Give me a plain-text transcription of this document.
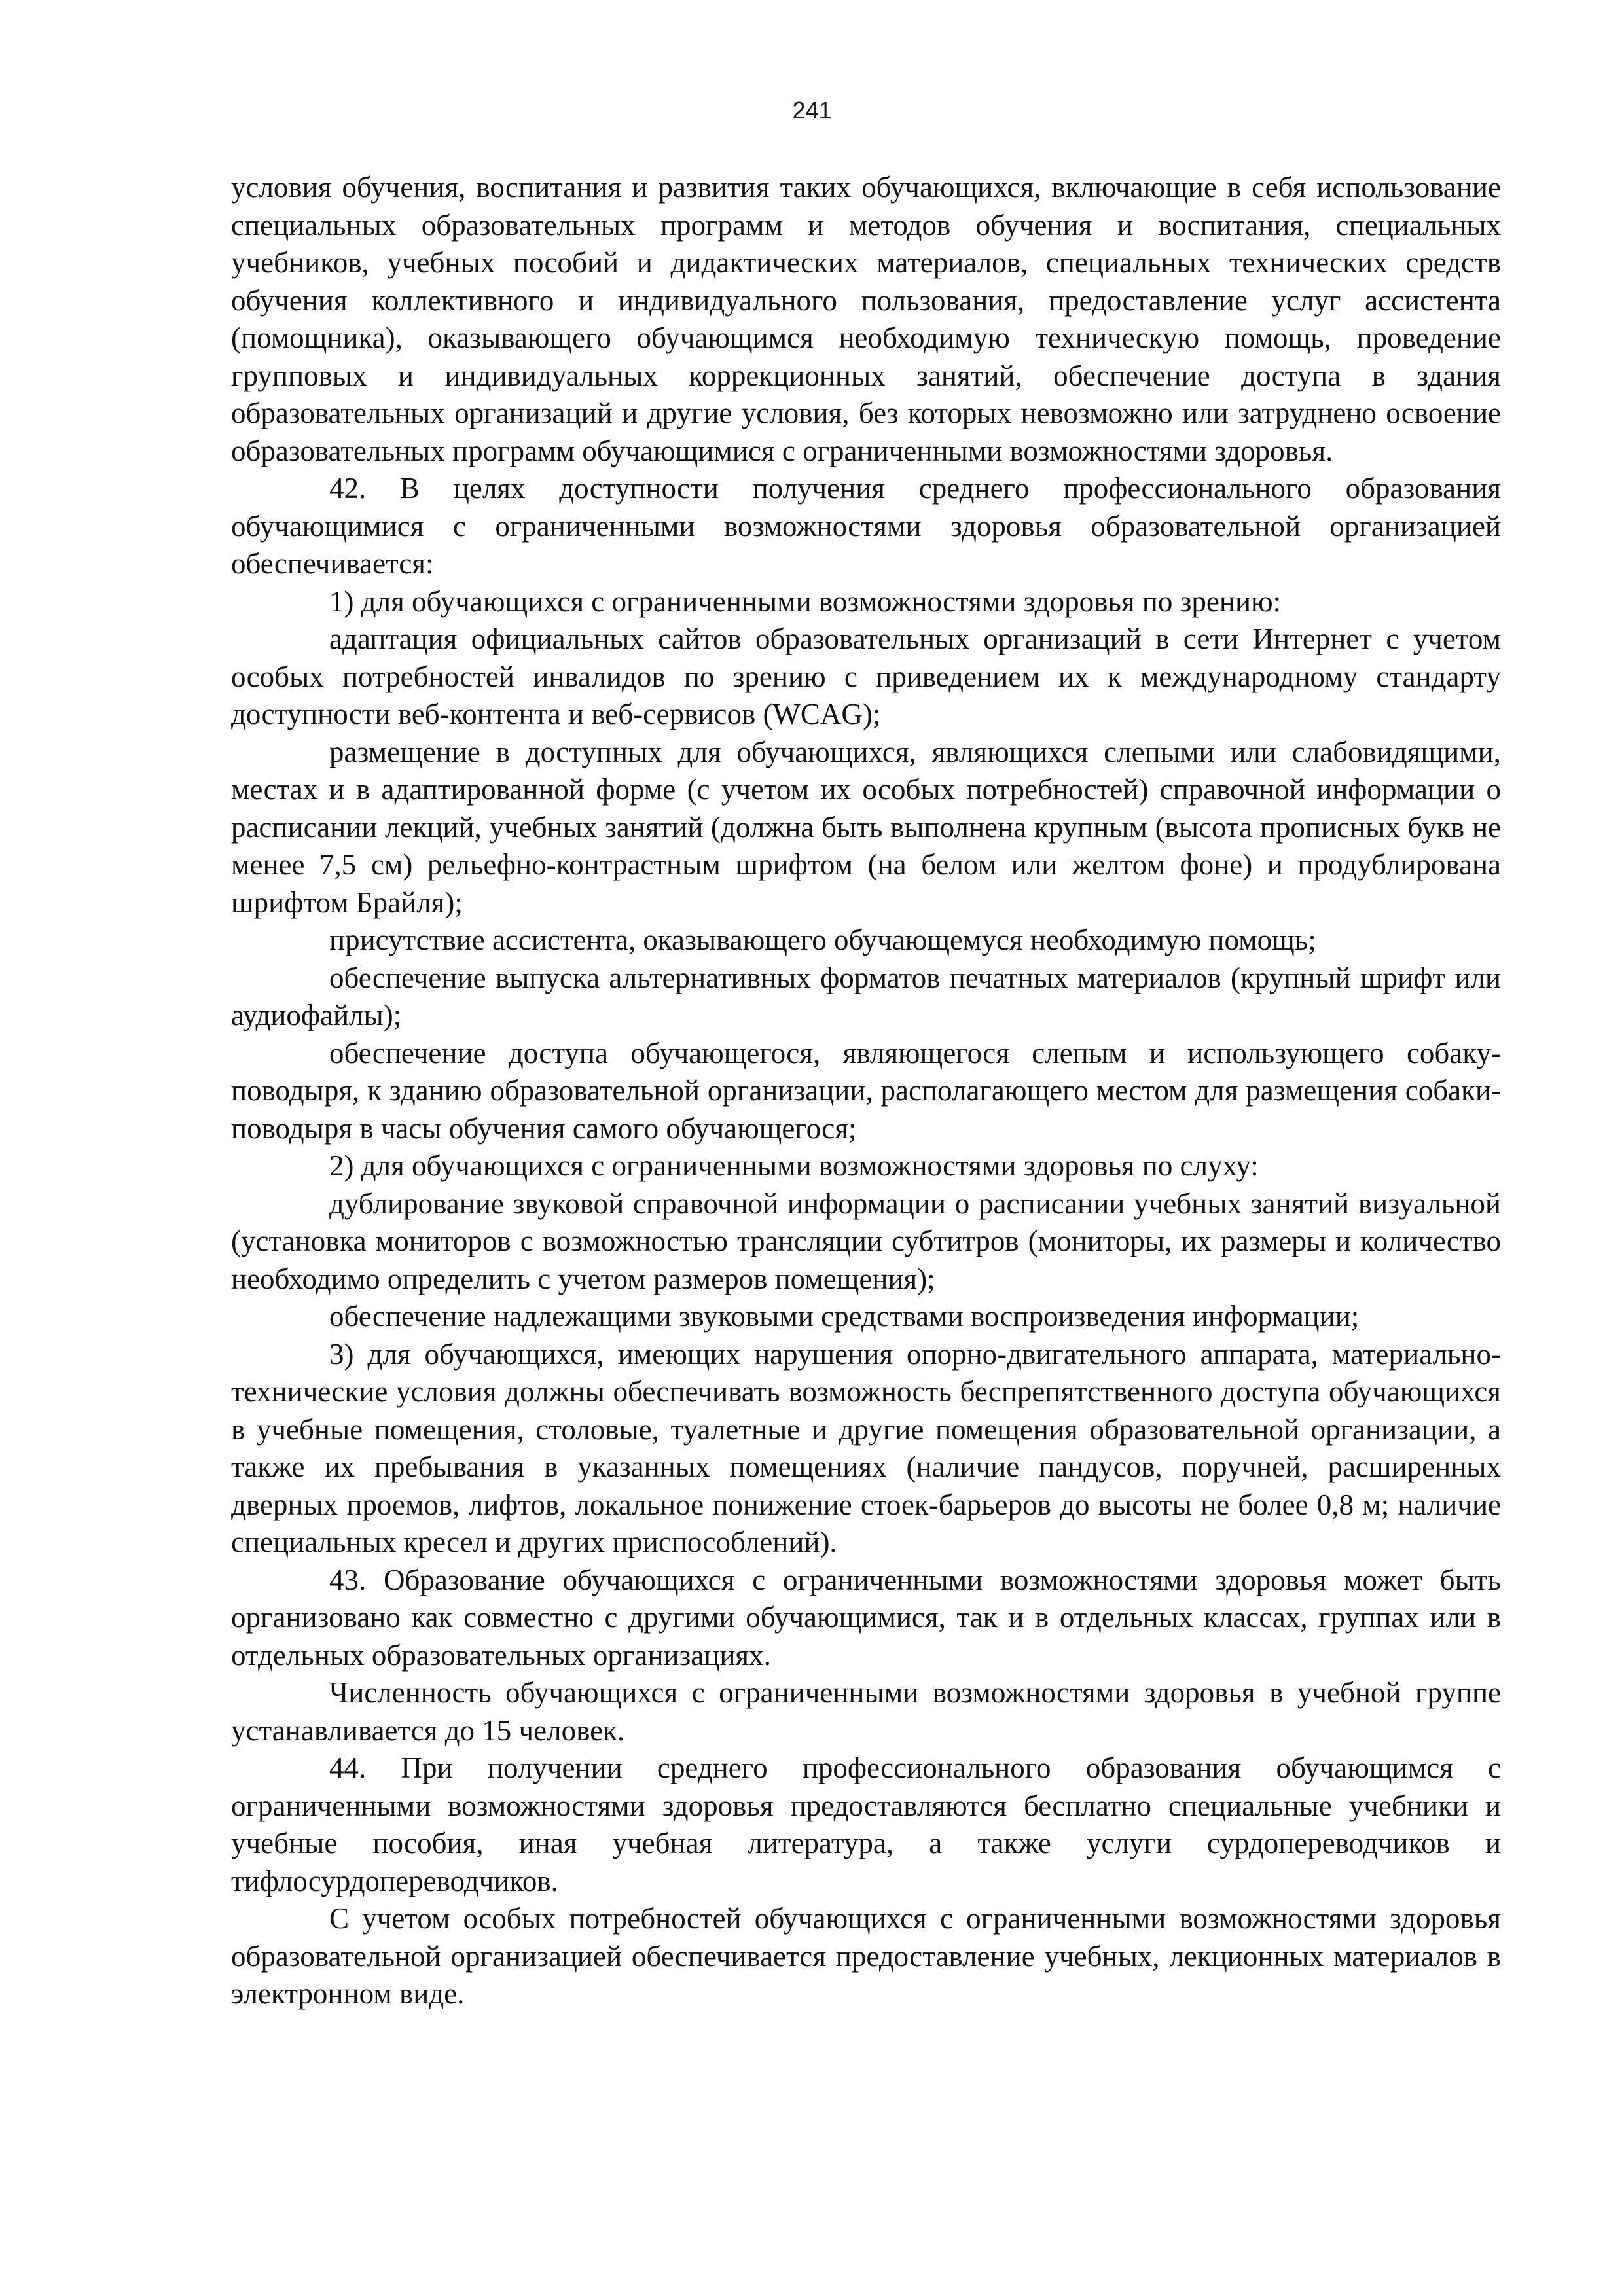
241

условия обучения, воспитания и развития таких обучающихся, включающие в себя использование специальных образовательных программ и методов обучения и воспитания, специальных учебников, учебных пособий и дидактических материалов, специальных технических средств обучения коллективного и индивидуального пользования, предоставление услуг ассистента (помощника), оказывающего обучающимся необходимую техническую помощь, проведение групповых и индивидуальных коррекционных занятий, обеспечение доступа в здания образовательных организаций и другие условия, без которых невозможно или затруднено освоение образовательных программ обучающимися с ограниченными возможностями здоровья.

42. В целях доступности получения среднего профессионального образования обучающимися с ограниченными возможностями здоровья образовательной организацией обеспечивается:

1) для обучающихся с ограниченными возможностями здоровья по зрению:

адаптация официальных сайтов образовательных организаций в сети Интернет с учетом особых потребностей инвалидов по зрению с приведением их к международному стандарту доступности веб-контента и веб-сервисов (WCAG);

размещение в доступных для обучающихся, являющихся слепыми или слабовидящими, местах и в адаптированной форме (с учетом их особых потребностей) справочной информации о расписании лекций, учебных занятий (должна быть выполнена крупным (высота прописных букв не менее 7,5 см) рельефно-контрастным шрифтом (на белом или желтом фоне) и продублирована шрифтом Брайля);

присутствие ассистента, оказывающего обучающемуся необходимую помощь;

обеспечение выпуска альтернативных форматов печатных материалов (крупный шрифт или аудиофайлы);

обеспечение доступа обучающегося, являющегося слепым и использующего собаку-поводыря, к зданию образовательной организации, располагающего местом для размещения собаки-поводыря в часы обучения самого обучающегося;

2) для обучающихся с ограниченными возможностями здоровья по слуху:

дублирование звуковой справочной информации о расписании учебных занятий визуальной (установка мониторов с возможностью трансляции субтитров (мониторы, их размеры и количество необходимо определить с учетом размеров помещения);

обеспечение надлежащими звуковыми средствами воспроизведения информации;

3) для обучающихся, имеющих нарушения опорно-двигательного аппарата, материально-технические условия должны обеспечивать возможность беспрепятственного доступа обучающихся в учебные помещения, столовые, туалетные и другие помещения образовательной организации, а также их пребывания в указанных помещениях (наличие пандусов, поручней, расширенных дверных проемов, лифтов, локальное понижение стоек-барьеров до высоты не более 0,8 м; наличие специальных кресел и других приспособлений).

43. Образование обучающихся с ограниченными возможностями здоровья может быть организовано как совместно с другими обучающимися, так и в отдельных классах, группах или в отдельных образовательных организациях.

Численность обучающихся с ограниченными возможностями здоровья в учебной группе устанавливается до 15 человек.

44. При получении среднего профессионального образования обучающимся с ограниченными возможностями здоровья предоставляются бесплатно специальные учебники и учебные пособия, иная учебная литература, а также услуги сурдопереводчиков и тифлосурдопереводчиков.

С учетом особых потребностей обучающихся с ограниченными возможностями здоровья образовательной организацией обеспечивается предоставление учебных, лекционных материалов в электронном виде.
